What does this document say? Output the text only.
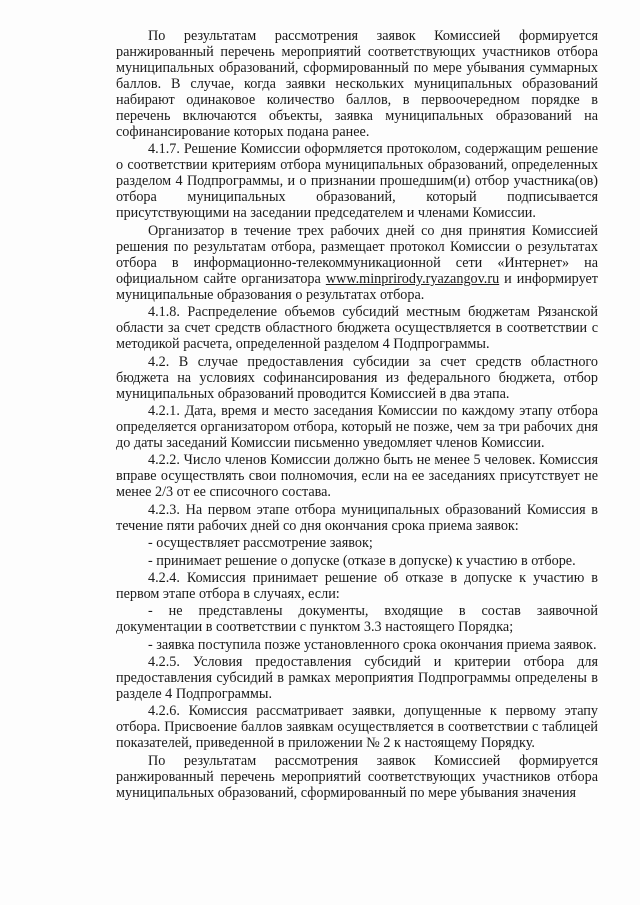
По результатам рассмотрения заявок Комиссией формируется ранжированный перечень мероприятий соответствующих участников отбора муниципальных образований, сформированный по мере убывания суммарных баллов. В случае, когда заявки нескольких муниципальных образований набирают одинаковое количество баллов, в первоочередном порядке в перечень включаются объекты, заявка муниципальных образований на софинансирование которых подана ранее.

4.1.7. Решение Комиссии оформляется протоколом, содержащим решение о соответствии критериям отбора муниципальных образований, определенных разделом 4 Подпрограммы, и о признании прошедшим(и) отбор участника(ов) отбора муниципальных образований, который подписывается присутствующими на заседании председателем и членами Комиссии.

Организатор в течение трех рабочих дней со дня принятия Комиссией решения по результатам отбора, размещает протокол Комиссии о результатах отбора в информационно-телекоммуникационной сети «Интернет» на официальном сайте организатора www.minprirody.ryazangov.ru и информирует муниципальные образования о результатах отбора.

4.1.8. Распределение объемов субсидий местным бюджетам Рязанской области за счет средств областного бюджета осуществляется в соответствии с методикой расчета, определенной разделом 4 Подпрограммы.

4.2. В случае предоставления субсидии за счет средств областного бюджета на условиях софинансирования из федерального бюджета, отбор муниципальных образований проводится Комиссией в два этапа.

4.2.1. Дата, время и место заседания Комиссии по каждому этапу отбора определяется организатором отбора, который не позже, чем за три рабочих дня до даты заседаний Комиссии письменно уведомляет членов Комиссии.

4.2.2. Число членов Комиссии должно быть не менее 5 человек. Комиссия вправе осуществлять свои полномочия, если на ее заседаниях присутствует не менее 2/3 от ее списочного состава.

4.2.3. На первом этапе отбора муниципальных образований Комиссия в течение пяти рабочих дней со дня окончания срока приема заявок:

- осуществляет рассмотрение заявок;

- принимает решение о допуске (отказе в допуске) к участию в отборе.

4.2.4. Комиссия принимает решение об отказе в допуске к участию в первом этапе отбора в случаях, если:

- не представлены документы, входящие в состав заявочной документации в соответствии с пунктом 3.3 настоящего Порядка;

- заявка поступила позже установленного срока окончания приема заявок.

4.2.5. Условия предоставления субсидий и критерии отбора для предоставления субсидий в рамках мероприятия Подпрограммы определены в разделе 4 Подпрограммы.

4.2.6. Комиссия рассматривает заявки, допущенные к первому этапу отбора. Присвоение баллов заявкам осуществляется в соответствии с таблицей показателей, приведенной в приложении № 2 к настоящему Порядку.

По результатам рассмотрения заявок Комиссией формируется ранжированный перечень мероприятий соответствующих участников отбора муниципальных образований, сформированный по мере убывания значения
